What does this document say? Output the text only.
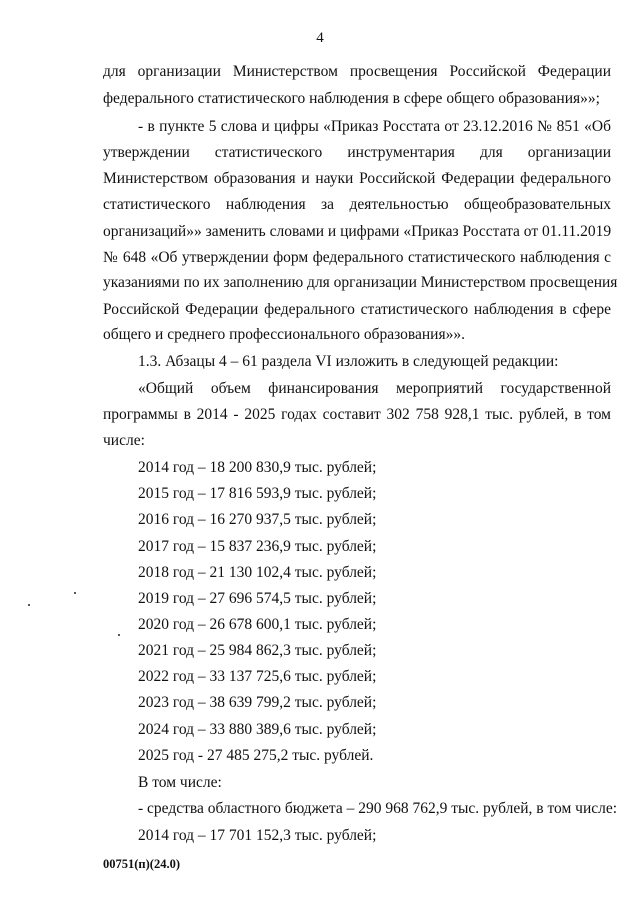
4
для организации Министерством просвещения Российской Федерации
федерального статистического наблюдения в сфере общего образования»»;
- в пункте 5 слова и цифры «Приказ Росстата от 23.12.2016 № 851 «Об
утверждении статистического инструментария для организации
Министерством образования и науки Российской Федерации федерального
статистического наблюдения за деятельностью общеобразовательных
организаций»» заменить словами и цифрами «Приказ Росстата от 01.11.2019
№ 648 «Об утверждении форм федерального статистического наблюдения с
указаниями по их заполнению для организации Министерством просвещения
Российской Федерации федерального статистического наблюдения в сфере
общего и среднего профессионального образования»».
1.3. Абзацы 4 – 61 раздела VI изложить в следующей редакции:
«Общий объем финансирования мероприятий государственной
программы в 2014 - 2025 годах составит 302 758 928,1 тыс. рублей, в том
числе:
2014 год – 18 200 830,9 тыс. рублей;
2015 год – 17 816 593,9 тыс. рублей;
2016 год – 16 270 937,5 тыс. рублей;
2017 год – 15 837 236,9 тыс. рублей;
2018 год – 21 130 102,4 тыс. рублей;
2019 год – 27 696 574,5 тыс. рублей;
2020 год – 26 678 600,1 тыс. рублей;
2021 год – 25 984 862,3 тыс. рублей;
2022 год – 33 137 725,6 тыс. рублей;
2023 год – 38 639 799,2 тыс. рублей;
2024 год – 33 880 389,6 тыс. рублей;
2025 год - 27 485 275,2 тыс. рублей.
В том числе:
- средства областного бюджета – 290 968 762,9 тыс. рублей, в том числе:
2014 год – 17 701 152,3 тыс. рублей;
00751(п)(24.0)
